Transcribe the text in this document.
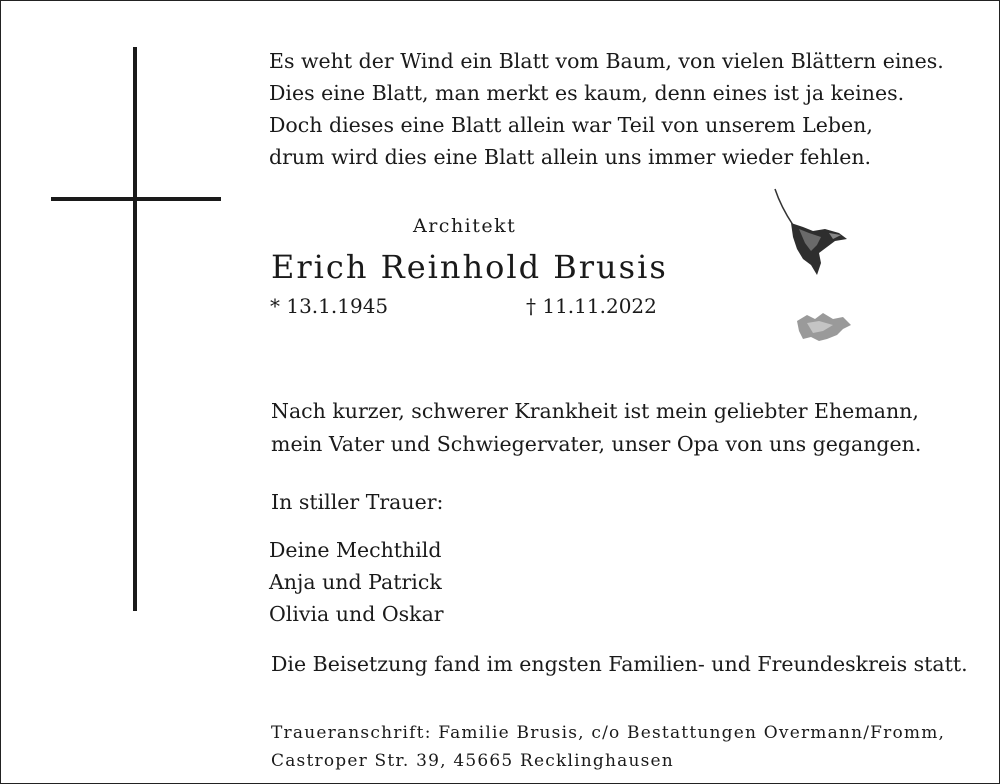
Es weht der Wind ein Blatt vom Baum, von vielen Blättern eines.
Dies eine Blatt, man merkt es kaum, denn eines ist ja keines.
Doch dieses eine Blatt allein war Teil von unserem Leben,
drum wird dies eine Blatt allein uns immer wieder fehlen.
Architekt
Erich Reinhold Brusis
* 13.1.1945	† 11.11.2022
Nach kurzer, schwerer Krankheit ist mein geliebter Ehemann,
mein Vater und Schwiegervater, unser Opa von uns gegangen.
In stiller Trauer:
Deine Mechthild
Anja und Patrick
Olivia und Oskar
Die Beisetzung fand im engsten Familien- und Freundeskreis statt.
Traueranschrift: Familie Brusis, c/o Bestattungen Overmann/Fromm,
Castroper Str. 39, 45665 Recklinghausen
